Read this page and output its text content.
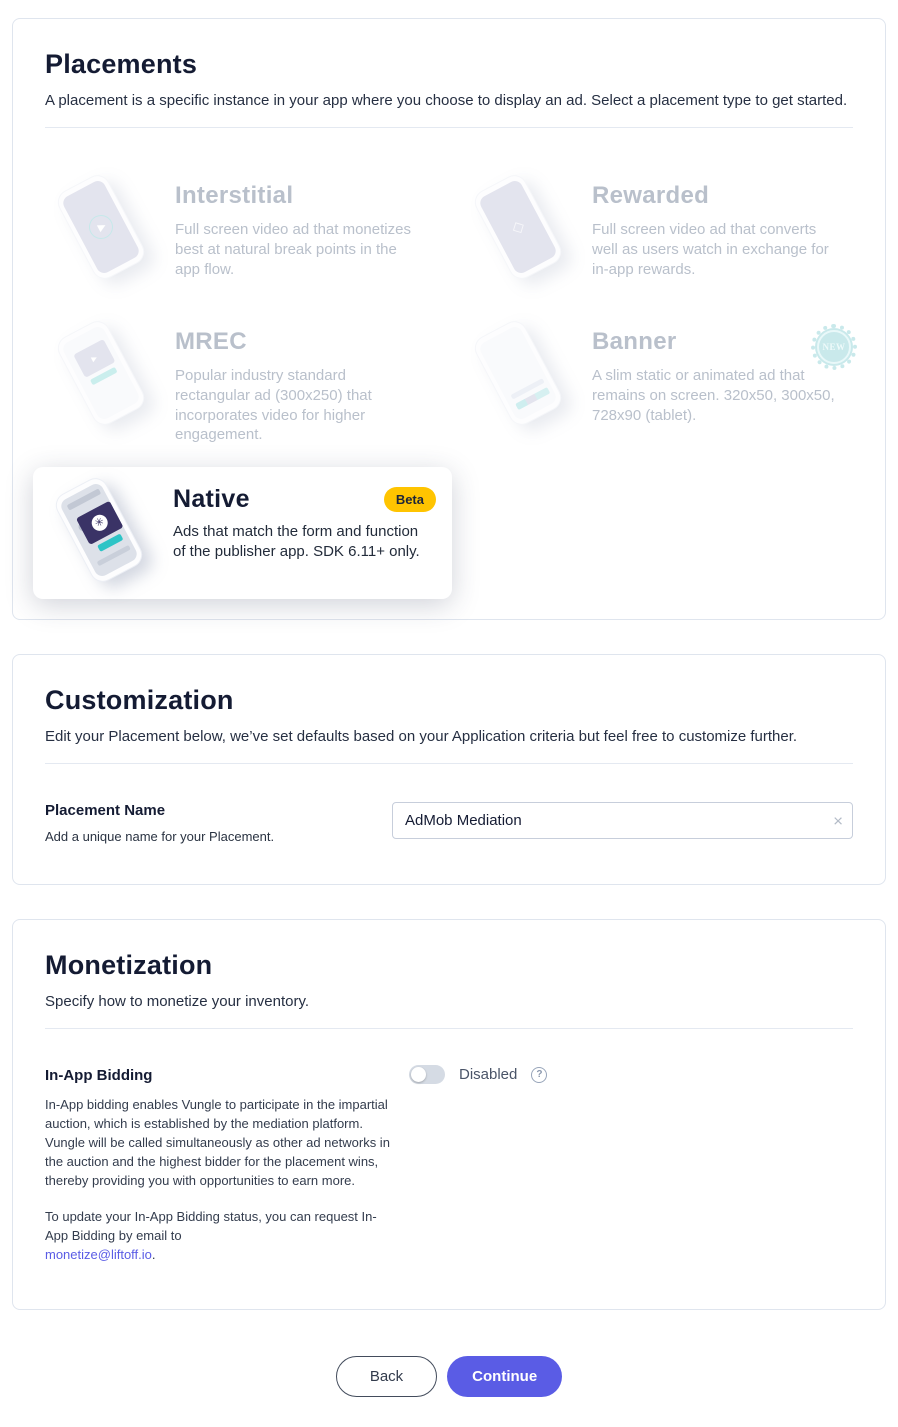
Placements

A placement is a specific instance in your app where you choose to display an ad. Select a placement type to get started.

▶
Interstitial
Full screen video ad that monetizes best at natural break points in the app flow.
◇
Rewarded
Full screen video ad that converts well as users watch in exchange for in-app rewards.
▶
MREC
Popular industry standard rectangular ad (300x250) that incorporates video for higher engagement.
Banner	NEW
A slim static or animated ad that remains on screen. 320x50, 300x50, 728x90 (tablet).
✳
Native	Beta
Ads that match the form and function of the publisher app. SDK 6.11+ only.
Customization

Edit your Placement below, we’ve set defaults based on your Application criteria but feel free to customize further.

Placement Name
Add a unique name for your Placement.
AdMob Mediation
×
Monetization

Specify how to monetize your inventory.

In-App Bidding

In-App bidding enables Vungle to participate in the impartial auction, which is established by the mediation platform. Vungle will be called simultaneously as other ad networks in the auction and the highest bidder for the placement wins, thereby providing you with opportunities to earn more.

To update your In-App Bidding status, you can request In-App Bidding by email to
monetize@liftoff.io.

Disabled	?
Back	Continue
